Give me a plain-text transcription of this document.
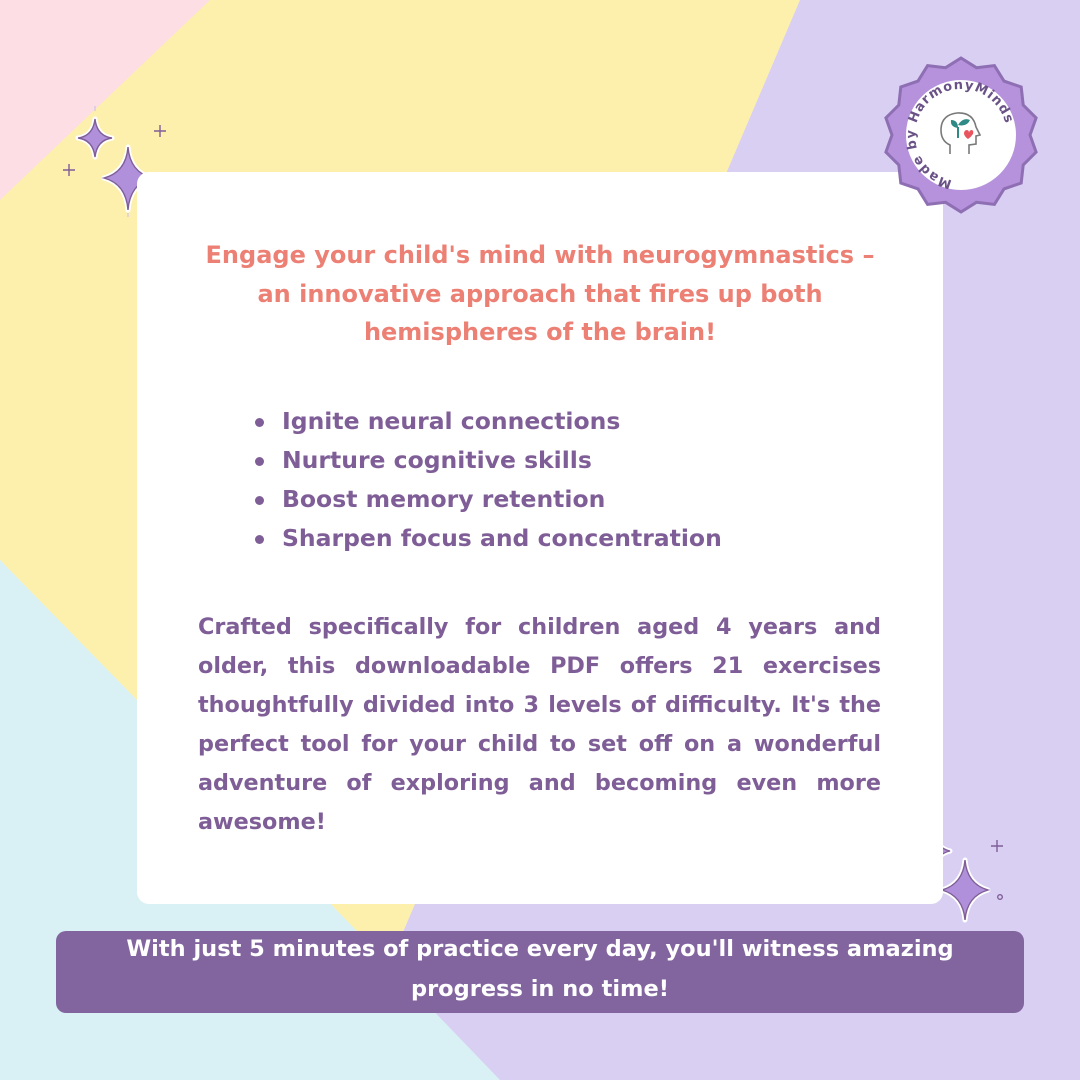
Engage your child's mind with neurogymnastics – an innovative approach that fires up both hemispheres of the brain!
Ignite neural connections
Nurture cognitive skills
Boost memory retention
Sharpen focus and concentration

Crafted specifically for children aged 4 years and older, this downloadable PDF offers 21 exercises thoughtfully divided into 3 levels of difficulty. It's the perfect tool for your child to set off on a wonderful adventure of exploring and becoming even more awesome!

With just 5 minutes of practice every day, you'll witness amazing progress in no time!
Made by HarmonyMinds
